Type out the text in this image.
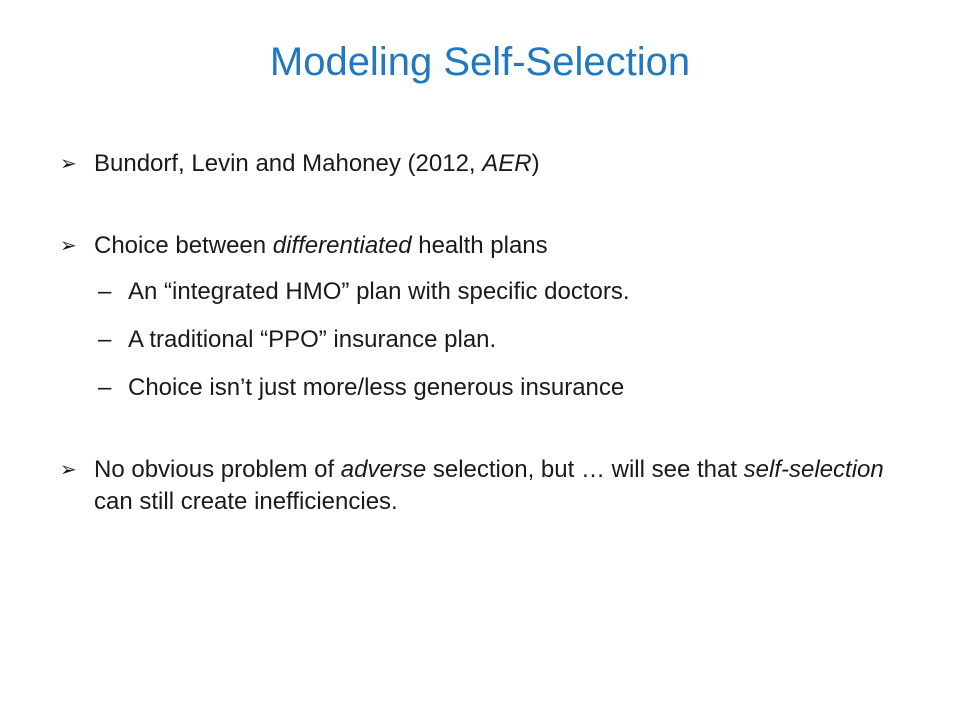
Modeling Self-Selection
➢ Bundorf, Levin and Mahoney (2012, AER)
➢ Choice between differentiated health plans
– An “integrated HMO” plan with specific doctors.
– A traditional “PPO” insurance plan.
– Choice isn’t just more/less generous insurance
➢ No obvious problem of adverse selection, but … will see that self-selection can still create inefficiencies.
